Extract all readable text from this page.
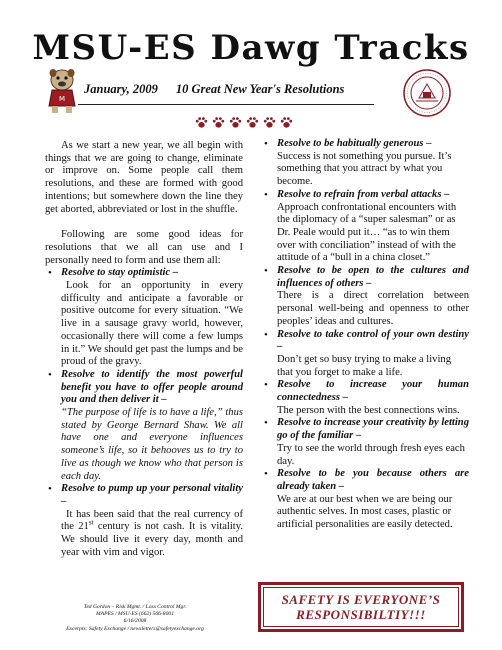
MSU-ES Dawg Tracks
M
January, 2009 10 Great New Year's Resolutions

As we start a new year, we all begin with things that we are going to change, eliminate or improve on. Some people call them resolutions, and these are formed with good intentions; but somewhere down the line they get aborted, abbreviated or lost in the shuffle.

Following are some good ideas for resolutions that we all can use and I personally need to form and use them all:

• Resolve to stay optimistic –

Look for an opportunity in every difficulty and anticipate a favorable or positive outcome for every situation. “We live in a sausage gravy world, however, occasionally there will come a few lumps in it.” We should get past the lumps and be proud of the gravy.

• Resolve to identify the most powerful benefit you have to offer people around you and then deliver it –

“The purpose of life is to have a life,” thus stated by George Bernard Shaw. We all have one and everyone influences someone’s life, so it behooves us to try to live as though we know who that person is each day.

• Resolve to pump up your personal vitality –

It has been said that the real currency of the 21st century is not cash. It is vitality. We should live it every day, month and year with vim and vigor.

• Resolve to be habitually generous –

Success is not something you pursue. It’s something that you attract by what you become.

• Resolve to refrain from verbal attacks –

Approach confrontational encounters with the diplomacy of a “super salesman” or as Dr. Peale would put it… “as to win them over with conciliation” instead of with the attitude of a “bull in a china closet.”

• Resolve to be open to the cultures and influences of others –

There is a direct correlation between personal well-being and openness to other peoples’ ideas and cultures.

• Resolve to take control of your own destiny –

Don’t get so busy trying to make a living that you forget to make a life.

• Resolve to increase your human connectedness –

The person with the best connections wins.

• Resolve to increase your creativity by letting go of the familiar –

Try to see the world through fresh eyes each day.

• Resolve to be you because others are already taken –

We are at our best when we are being our authentic selves. In most cases, plastic or artificial personalities are easily detected.

Ted Gordon – Risk Mgmt. / Loss Control Mgr.
MAPES / MSU-ES (662) 566-8001
6/16/2008
Excerpts: Safety Exchange / newsletters@safetyexchange.org
SAFETY IS EVERYONE’S
RESPONSIBILTIY!!!
